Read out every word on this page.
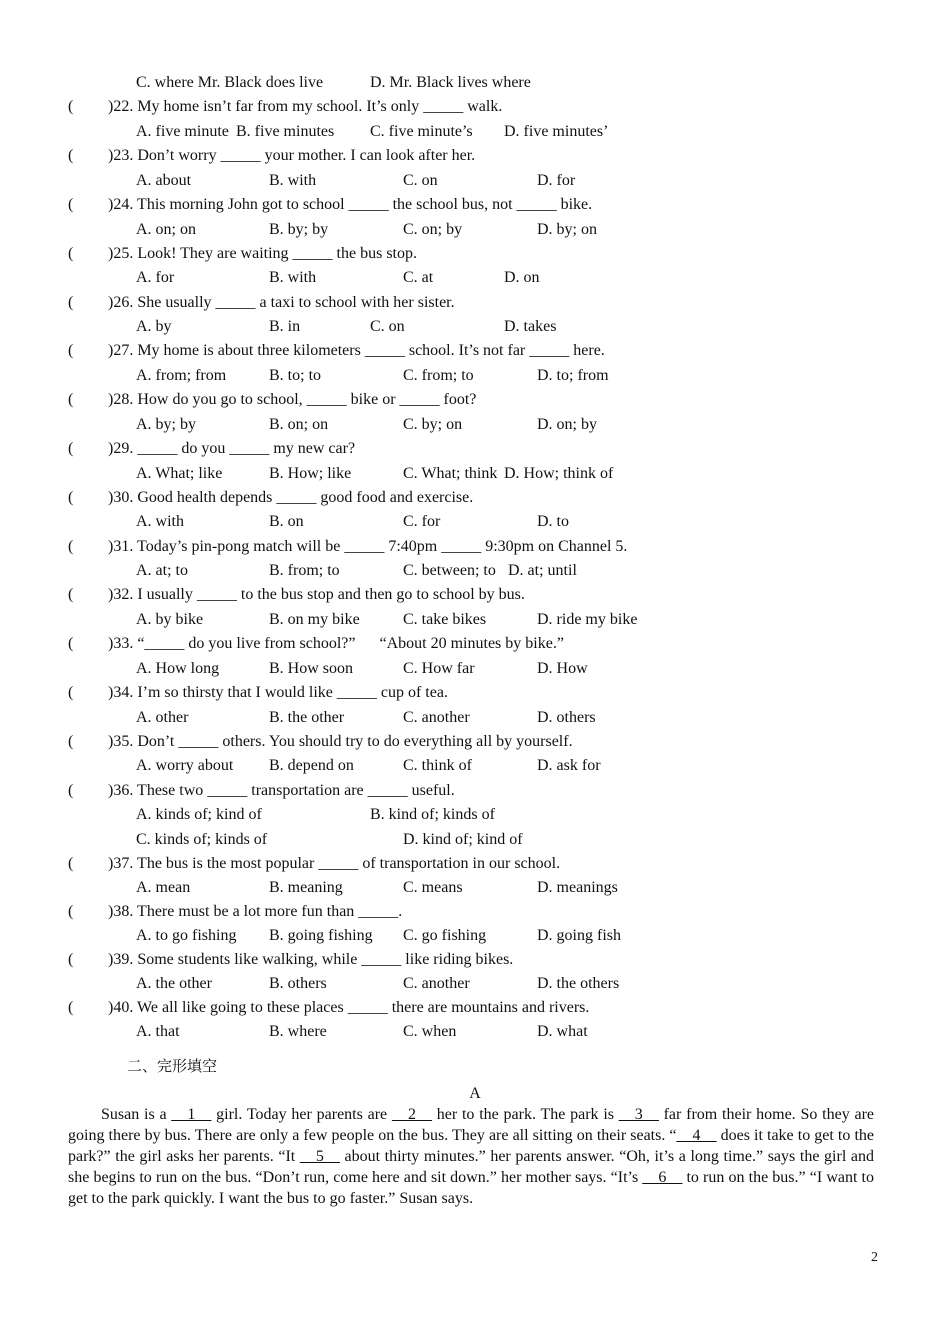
C. where Mr. Black does live	D. Mr. Black lives where
( )22. My home isn’t far from my school. It’s only _____ walk.
A. five minute B. five minutes C. five minute’s D. five minutes’
( )23. Don’t worry _____ your mother. I can look after her.
A. about	B. with	C. on	D. for
( )24. This morning John got to school _____ the school bus, not _____ bike.
A. on; on	B. by; by	C. on; by	D. by; on
( )25. Look! They are waiting _____ the bus stop.
A. for	B. with	C. at	D. on
( )26. She usually _____ a taxi to school with her sister.
A. by	B. in	C. on	D. takes
( )27. My home is about three kilometers _____ school. It’s not far _____ here.
A. from; from	B. to; to	C. from; to	D. to; from
( )28. How do you go to school, _____ bike or _____ foot?
A. by; by	B. on; on	C. by; on	D. on; by
( )29. _____ do you _____ my new car?
A. What; like	B. How; like	C. What; think D. How; think of
( )30. Good health depends _____ good food and exercise.
A. with	B. on	C. for	D. to
( )31. Today’s pin-pong match will be _____ 7:40pm _____ 9:30pm on Channel 5.
A. at; to	B. from; to	C. between; to D. at; until
( )32. I usually _____ to the bus stop and then go to school by bus.
A. by bike	B. on my bike	C. take bikes	D. ride my bike
( )33. “_____ do you live from school?”      “About 20 minutes by bike.”
A. How long	B. How soon	C. How far	D. How
( )34. I’m so thirsty that I would like _____ cup of tea.
A. other	B. the other	C. another	D. others
( )35. Don’t _____ others. You should try to do everything all by yourself.
A. worry about B. depend on	C. think of	D. ask for
( )36. These two _____ transportation are _____ useful.
A. kinds of; kind of	B. kind of; kinds of
C. kinds of; kinds of	D. kind of; kind of
( )37. The bus is the most popular _____ of transportation in our school.
A. mean	B. meaning	C. means	D. meanings
( )38. There must be a lot more fun than _____.
A. to go fishing B. going fishing C. go fishing	D. going fish
( )39. Some students like walking, while _____ like riding bikes.
A. the other	B. others	C. another	D. the others
( )40. We all like going to these places _____ there are mountains and rivers.
A. that	B. where	C. when	D. what
二、完形填空
A
Susan is a __1__ girl. Today her parents are __2__ her to the park. The park is __3__ far from their home. So they are going there by bus. There are only a few people on the bus. They are all sitting on their seats. “__4__ does it take to get to the park?” the girl asks her parents. “It __5__ about thirty minutes.” her parents answer. “Oh, it’s a long time.” says the girl and she begins to run on the bus. “Don’t run, come here and sit down.” her mother says. “It’s __6__ to run on the bus.” “I want to get to the park quickly. I want the bus to go faster.” Susan says.
2
